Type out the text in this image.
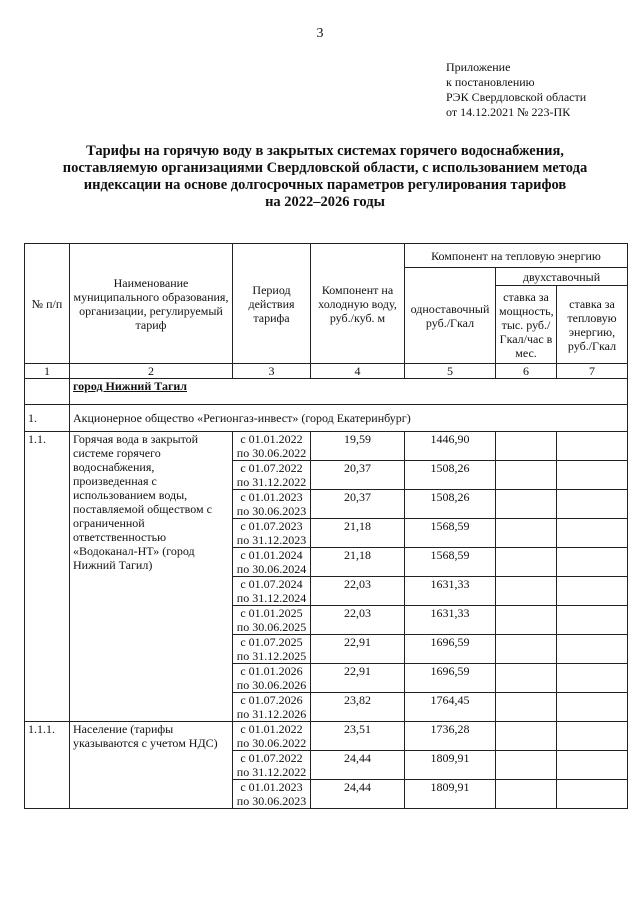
3
Приложение
к постановлению
РЭК Свердловской области
от 14.12.2021 № 223-ПК
Тарифы на горячую воду в закрытых системах горячего водоснабжения,
поставляемую организациями Свердловской области, с использованием метода
индексации на основе долгосрочных параметров регулирования тарифов
на 2022–2026 годы
№ п/п	Наименование муниципального образования, организации, регулируемый тариф	Период действия тарифа	Компонент на холодную воду, руб./куб. м	Компонент на тепловую энергию		
				одноставочный руб./Гкал	двухставочный	
					ставка за мощность, тыс. руб./Гкал/час в мес.	ставка за тепловую энергию, руб./Гкал
1	2	3	4	5	6	7
	город Нижний Тагил					
1.	Акционерное общество «Регионгаз-инвест» (город Екатеринбург)					
1.1.	Горячая вода в закрытой системе горячего водоснабжения, произведенная с использованием воды, поставляемой обществом с ограниченной ответственностью «Водоканал-НТ» (город Нижний Тагил)	с 01.01.2022
по 30.06.2022	19,59	1446,90		

		с 01.07.2022
по 31.12.2022	20,37	1508,26		

		с 01.01.2023
по 30.06.2023	20,37	1508,26		

		с 01.07.2023
по 31.12.2023	21,18	1568,59		

		с 01.01.2024
по 30.06.2024	21,18	1568,59		

		с 01.07.2024
по 31.12.2024	22,03	1631,33		

		с 01.01.2025
по 30.06.2025	22,03	1631,33		

		с 01.07.2025
по 31.12.2025	22,91	1696,59		

		с 01.01.2026
по 30.06.2026	22,91	1696,59		

		с 01.07.2026
по 31.12.2026	23,82	1764,45		
1.1.1.	Население (тарифы указываются с учетом НДС)	с 01.01.2022
по 30.06.2022	23,51	1736,28		

		с 01.07.2022
по 31.12.2022	24,44	1809,91		

		с 01.01.2023
по 30.06.2023	24,44	1809,91		
